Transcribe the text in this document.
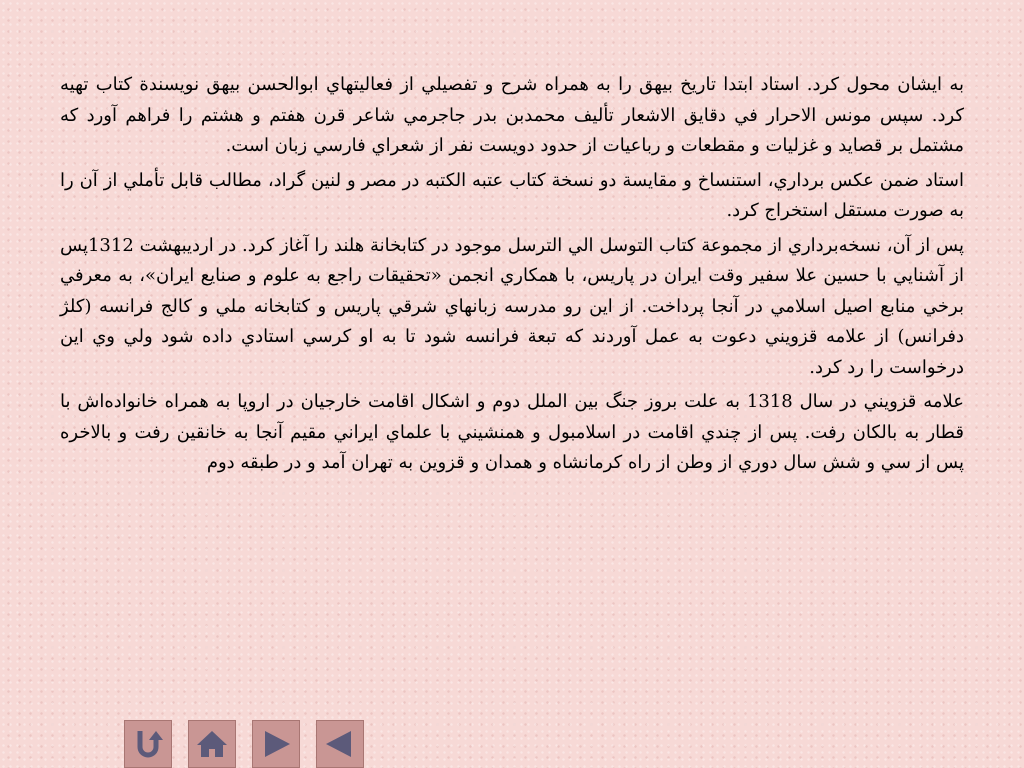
به ايشان محول کرد. استاد ابتدا تاريخ بيهق را به همراه شرح و تفصيلي از فعاليتهاي ابوالحسن بيهق نويسندة کتاب تهيه کرد. سپس مونس الاحرار في دقايق الاشعار تأليف محمدبن بدر جاجرمي شاعر قرن هفتم و هشتم را فراهم آورد که مشتمل بر قصايد و غزليات و مقطعات و رباعيات از حدود دويست نفر از شعراي فارسي زبان است.

استاد ضمن عکس برداري، استنساخ و مقايسة دو نسخة کتاب عتبه الکتبه در مصر و لنين گراد، مطالب قابل تأملي از آن را به صورت مستقل استخراج کرد.

پس از آن، نسخه‌برداري از مجموعة کتاب التوسل الي الترسل موجود در کتابخانة هلند را آغاز کرد. در ارديبهشت 1312پس از آشنايي با حسين علا سفير وقت ايران در پاريس، با همکاري انجمن «تحقيقات راجع به علوم و صنايع ايران»، به معرفي برخي منابع اصيل اسلامي در آنجا پرداخت. از اين رو مدرسه زبانهاي شرقي پاريس و کتابخانه ملي و کالج فرانسه (کلژ دفرانس) از علامه قزويني دعوت به عمل آوردند که تبعة فرانسه شود تا به او کرسي استادي داده شود ولي وي اين درخواست را رد کرد.

علامه قزويني در سال 1318 به علت بروز جنگ بين الملل دوم و اشکال اقامت خارجيان در اروپا به همراه خانواده‌اش با قطار به بالکان رفت. پس از چندي اقامت در اسلامبول و همنشيني با علماي ايراني مقيم آنجا به خانقين رفت و بالاخره پس از سي و شش سال دوري از وطن از راه کرمانشاه و همدان و قزوين به تهران آمد و در طبقه دوم
